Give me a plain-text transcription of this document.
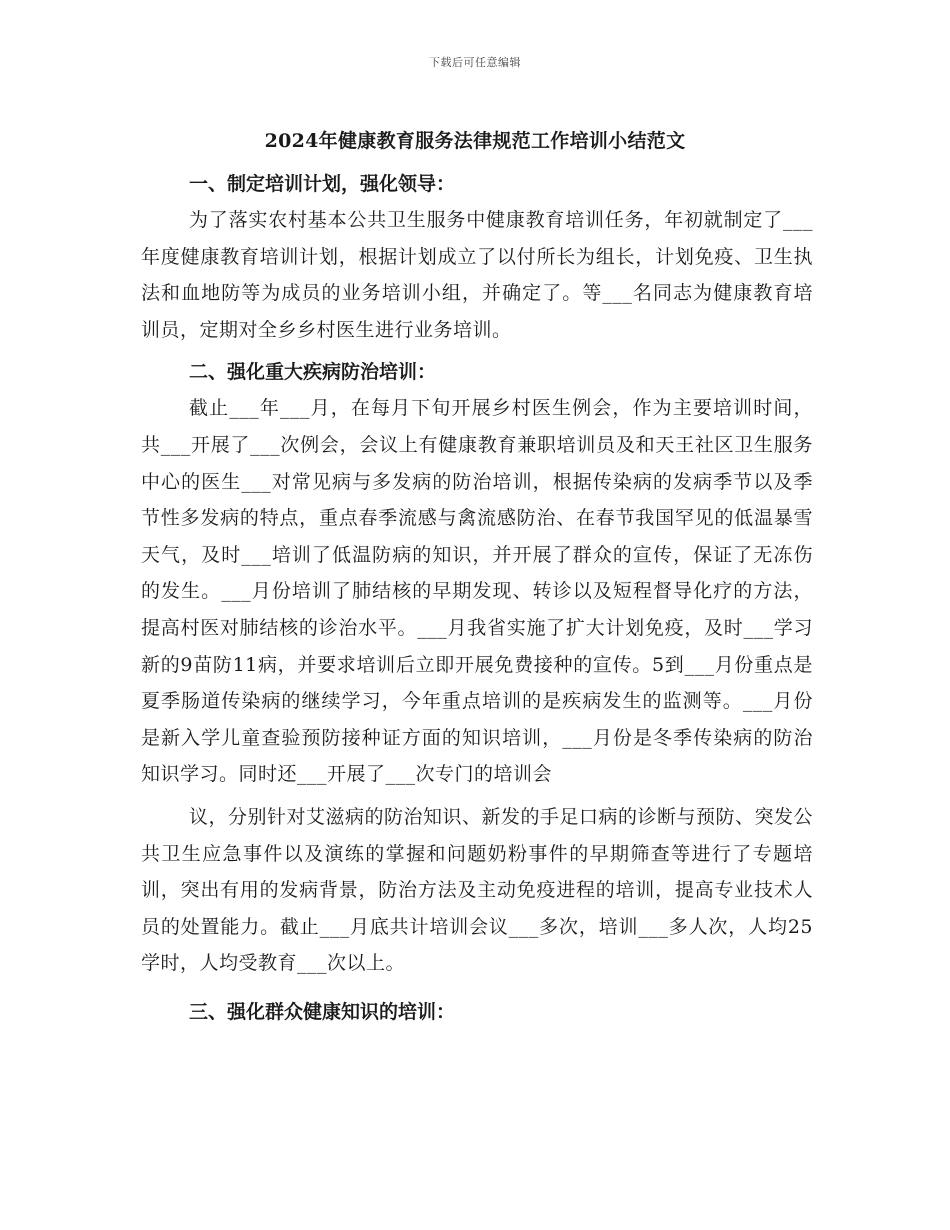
下载后可任意编辑
2024年健康教育服务法律规范工作培训小结范文
一、制定培训计划，强化领导：

为了落实农村基本公共卫生服务中健康教育培训任务，年初就制定了___年度健康教育培训计划，根据计划成立了以付所长为组长，计划免疫、卫生执法和血地防等为成员的业务培训小组，并确定了。等___名同志为健康教育培训员，定期对全乡乡村医生进行业务培训。

二、强化重大疾病防治培训：

截止___年___月，在每月下旬开展乡村医生例会，作为主要培训时间，共___开展了___次例会，会议上有健康教育兼职培训员及和天王社区卫生服务中心的医生___对常见病与多发病的防治培训，根据传染病的发病季节以及季节性多发病的特点，重点春季流感与禽流感防治、在春节我国罕见的低温暴雪天气，及时___培训了低温防病的知识，并开展了群众的宣传，保证了无冻伤的发生。___月份培训了肺结核的早期发现、转诊以及短程督导化疗的方法，提高村医对肺结核的诊治水平。___月我省实施了扩大计划免疫，及时___学习新的9苗防11病，并要求培训后立即开展免费接种的宣传。5到___月份重点是夏季肠道传染病的继续学习，今年重点培训的是疾病发生的监测等。___月份是新入学儿童查验预防接种证方面的知识培训，___月份是冬季传染病的防治知识学习。同时还___开展了___次专门的培训会

议，分别针对艾滋病的防治知识、新发的手足口病的诊断与预防、突发公共卫生应急事件以及演练的掌握和问题奶粉事件的早期筛查等进行了专题培训，突出有用的发病背景，防治方法及主动免疫进程的培训，提高专业技术人员的处置能力。截止___月底共计培训会议___多次，培训___多人次，人均25学时，人均受教育___次以上。

三、强化群众健康知识的培训：
